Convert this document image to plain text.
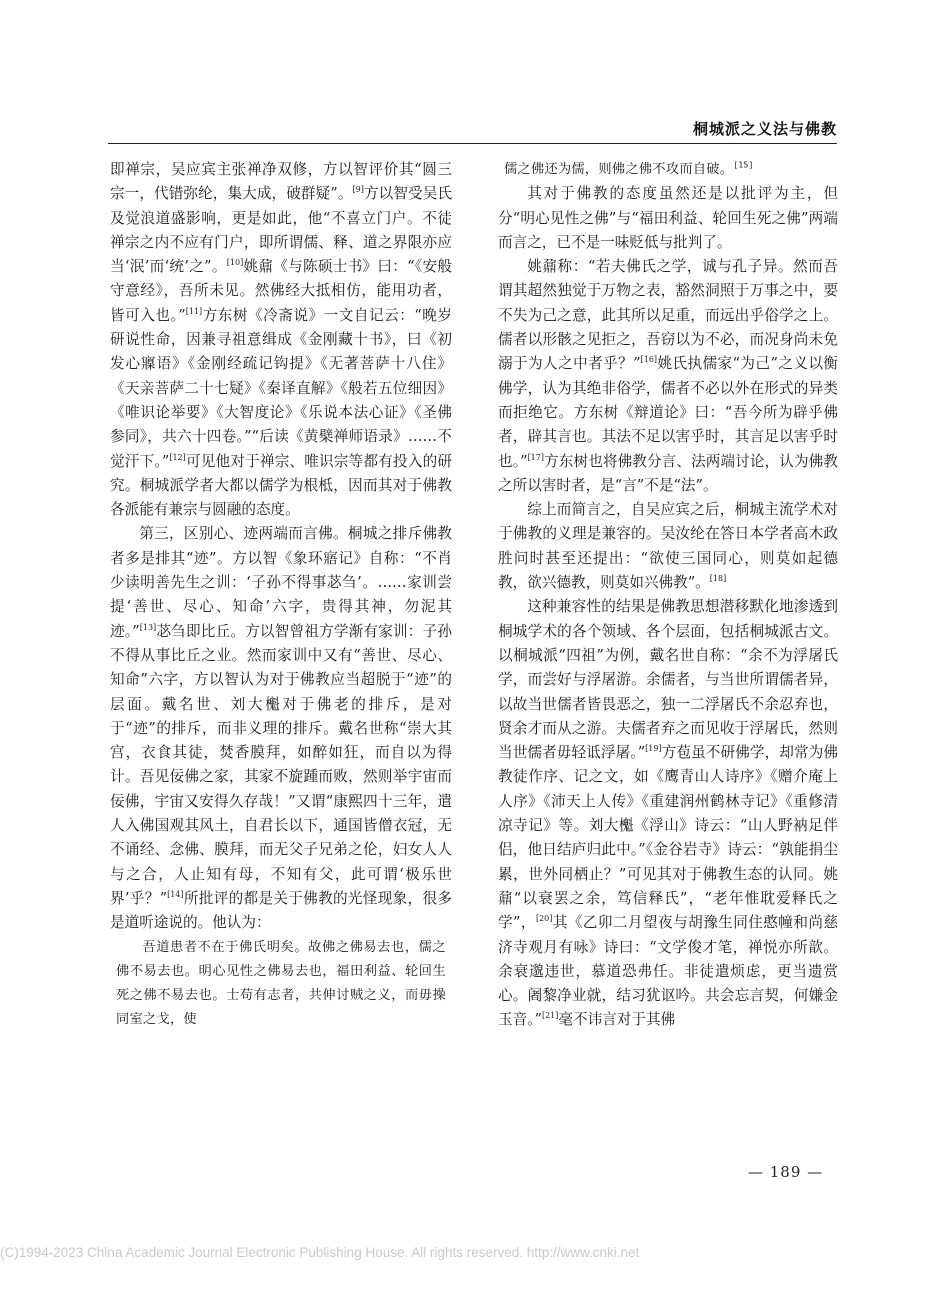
桐城派之义法与佛教

即禅宗，吴应宾主张禅净双修，方以智评价其“圆三宗一，代错弥纶，集大成，破群疑”。[9]方以智受吴氏及觉浪道盛影响，更是如此，他“不喜立门户。不徒禅宗之内不应有门户，即所谓儒、释、道之界限亦应当‘泯’而‘统’之”。[10]姚鼐《与陈硕士书》曰：“《安般守意经》，吾所未见。然佛经大抵相仿，能用功者，皆可入也。”[11]方东树《冷斋说》一文自记云：“晚岁研说性命，因兼寻祖意缉成《金刚藏十书》，曰《初发心寱语》《金刚经疏记钩提》《无著菩萨十八住》《天亲菩萨二十七疑》《秦译直解》《般若五位细因》《唯识论举要》《大智度论》《乐说本法心证》《圣佛参同》，共六十四卷。”“后读《黄檗禅师语录》……不觉汗下。”[12]可见他对于禅宗、唯识宗等都有投入的研究。桐城派学者大都以儒学为根柢，因而其对于佛教各派能有兼宗与圆融的态度。

第三，区别心、迹两端而言佛。桐城之排斥佛教者多是排其“迹”。方以智《象环寤记》自称：“不肖少读明善先生之训：‘子孙不得事苾刍’。……家训尝提‘善世、尽心、知命’六字，贵得其神，勿泥其迹。”[13]苾刍即比丘。方以智曾祖方学渐有家训：子孙不得从事比丘之业。然而家训中又有“善世、尽心、知命”六字，方以智认为对于佛教应当超脱于“迹”的层面。戴名世、刘大櫆对于佛老的排斥，是对于“迹”的排斥，而非义理的排斥。戴名世称“崇大其宫，衣食其徒，焚香膜拜，如醉如狂，而自以为得计。吾见佞佛之家，其家不旋踵而败，然则举宇宙而佞佛，宇宙又安得久存哉！”又谓“康熙四十三年，遣人入佛国观其风土，自君长以下，通国皆僧衣冠，无不诵经、念佛、膜拜，而无父子兄弟之伦，妇女人人与之合，人止知有母，不知有父，此可谓‘极乐世界’乎？”[14]所批评的都是关于佛教的光怪现象，很多是道听途说的。他认为：

吾道患者不在于佛氏明矣。故佛之佛易去也，儒之佛不易去也。明心见性之佛易去也，福田利益、轮回生死之佛不易去也。士苟有志者，共伸讨贼之义，而毋操同室之戈，使

儒之佛还为儒，则佛之佛不攻而自破。[15]

其对于佛教的态度虽然还是以批评为主，但分“明心见性之佛”与“福田利益、轮回生死之佛”两端而言之，已不是一味贬低与批判了。

姚鼐称：“若夫佛氏之学，诚与孔子异。然而吾谓其超然独觉于万物之表，豁然洞照于万事之中，要不失为己之意，此其所以足重，而远出乎俗学之上。儒者以形骸之见拒之，吾窃以为不必，而况身尚未免溺于为人之中者乎？”[16]姚氏执儒家“为己”之义以衡佛学，认为其绝非俗学，儒者不必以外在形式的异类而拒绝它。方东树《辩道论》曰：“吾今所为辟乎佛者，辟其言也。其法不足以害乎时，其言足以害乎时也。”[17]方东树也将佛教分言、法两端讨论，认为佛教之所以害时者，是“言”不是“法”。

综上而简言之，自吴应宾之后，桐城主流学术对于佛教的义理是兼容的。吴汝纶在答日本学者高木政胜问时甚至还提出：“欲使三国同心，则莫如起德教，欲兴德教，则莫如兴佛教”。[18]

这种兼容性的结果是佛教思想潜移默化地渗透到桐城学术的各个领域、各个层面，包括桐城派古文。以桐城派“四祖”为例，戴名世自称：“余不为浮屠氏学，而尝好与浮屠游。余儒者，与当世所谓儒者异，以故当世儒者皆畏恶之，独一二浮屠氏不余忍弃也，贤余才而从之游。夫儒者弃之而见收于浮屠氏，然则当世儒者毋轻诋浮屠。”[19]方苞虽不研佛学，却常为佛教徒作序、记之文，如《鹰青山人诗序》《赠介庵上人序》《沛天上人传》《重建润州鹤林寺记》《重修清凉寺记》等。刘大櫆《浮山》诗云：“山人野衲足伴侣，他日结庐归此中。”《金谷岩寺》诗云：“孰能捐尘累，世外同栖止？”可见其对于佛教生态的认同。姚鼐“以衰罢之余，笃信释氏”，“老年惟耽爱释氏之学”，[20]其《乙卯二月望夜与胡豫生同住憨幢和尚慈济寺观月有咏》诗曰：“文学俊才笔，禅悦亦所歆。余衰邈违世，慕道恐弗任。非徒遣烦虑，更当遗赏心。阇黎净业就，结习犹讴吟。共会忘言契，何嫌金玉音。”[21]毫不讳言对于其佛

— 189 —
(C)1994-2023 China Academic Journal Electronic Publishing House. All rights reserved. http://www.cnki.net
